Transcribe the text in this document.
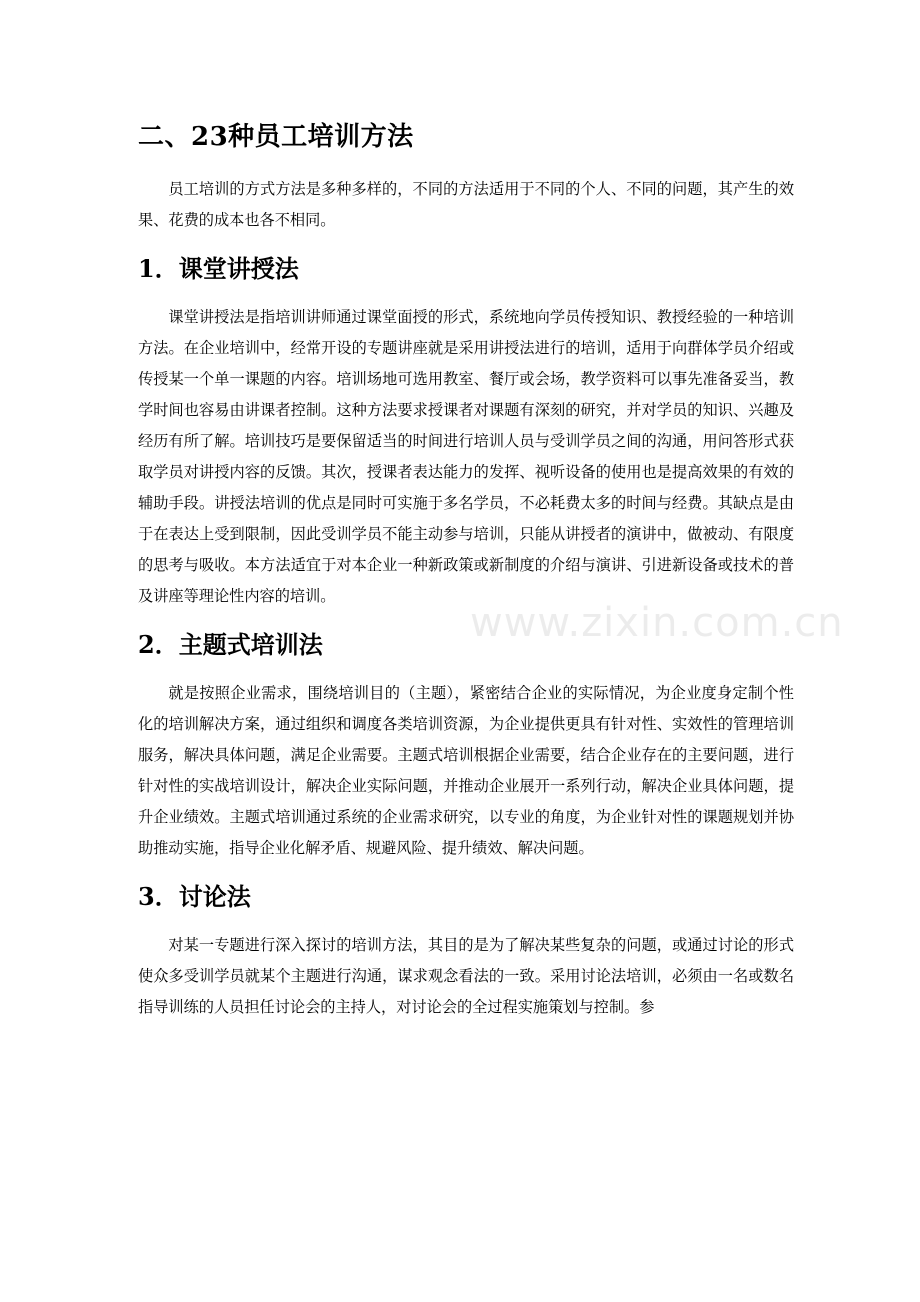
二、23种员工培训方法

员工培训的方式方法是多种多样的，不同的方法适用于不同的个人、不同的问题，其产生的效果、花费的成本也各不相同。

1．课堂讲授法

课堂讲授法是指培训讲师通过课堂面授的形式，系统地向学员传授知识、教授经验的一种培训方法。在企业培训中，经常开设的专题讲座就是采用讲授法进行的培训，适用于向群体学员介绍或传授某一个单一课题的内容。培训场地可选用教室、餐厅或会场，教学资料可以事先准备妥当，教学时间也容易由讲课者控制。这种方法要求授课者对课题有深刻的研究，并对学员的知识、兴趣及经历有所了解。培训技巧是要保留适当的时间进行培训人员与受训学员之间的沟通，用问答形式获取学员对讲授内容的反馈。其次，授课者表达能力的发挥、视听设备的使用也是提高效果的有效的辅助手段。讲授法培训的优点是同时可实施于多名学员，不必耗费太多的时间与经费。其缺点是由于在表达上受到限制，因此受训学员不能主动参与培训，只能从讲授者的演讲中，做被动、有限度的思考与吸收。本方法适宜于对本企业一种新政策或新制度的介绍与演讲、引进新设备或技术的普及讲座等理论性内容的培训。

2．主题式培训法

就是按照企业需求，围绕培训目的（主题），紧密结合企业的实际情况，为企业度身定制个性化的培训解决方案，通过组织和调度各类培训资源，为企业提供更具有针对性、实效性的管理培训服务，解决具体问题，满足企业需要。主题式培训根据企业需要，结合企业存在的主要问题，进行针对性的实战培训设计，解决企业实际问题，并推动企业展开一系列行动，解决企业具体问题，提升企业绩效。主题式培训通过系统的企业需求研究，以专业的角度，为企业针对性的课题规划并协助推动实施，指导企业化解矛盾、规避风险、提升绩效、解决问题。

3．讨论法

对某一专题进行深入探讨的培训方法，其目的是为了解决某些复杂的问题，或通过讨论的形式使众多受训学员就某个主题进行沟通，谋求观念看法的一致。采用讨论法培训，必须由一名或数名指导训练的人员担任讨论会的主持人，对讨论会的全过程实施策划与控制。参

www.zixin.com.cn
